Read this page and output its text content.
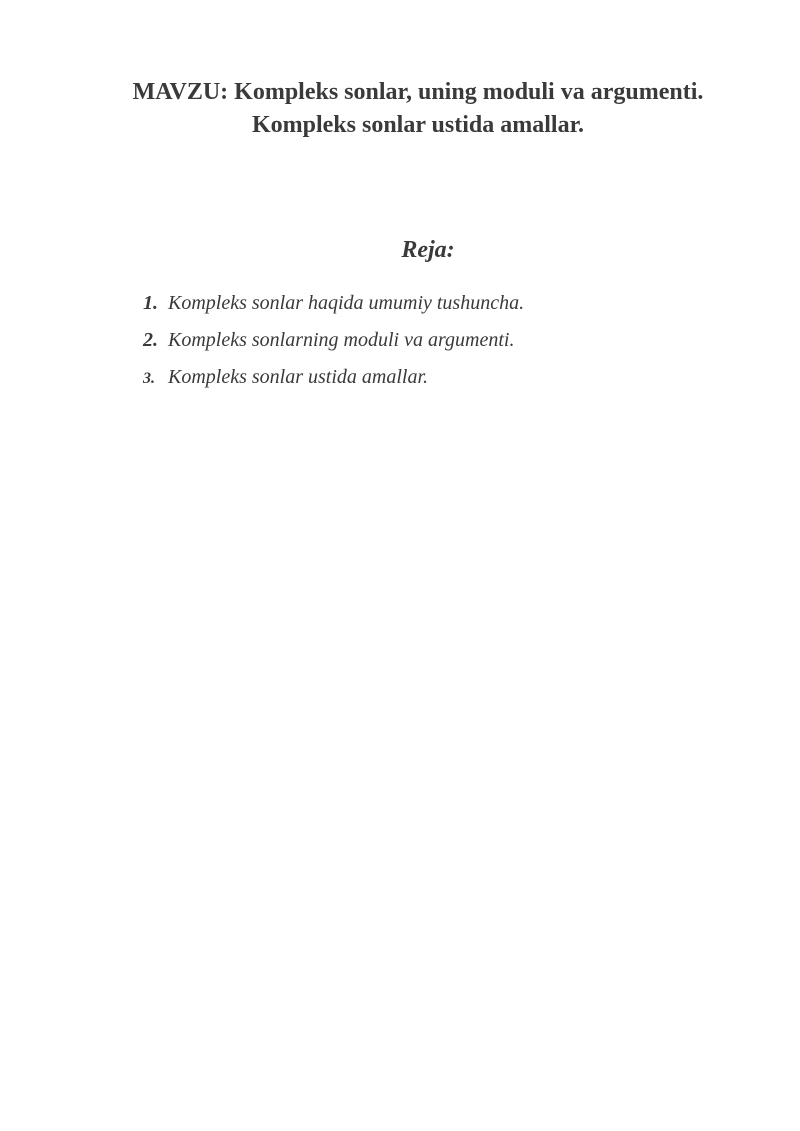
MAVZU: Kompleks sonlar, uning moduli va argumenti.
Kompleks sonlar ustida amallar.
Reja:
1. Kompleks sonlar haqida umumiy tushuncha.
2. Kompleks sonlarning moduli va argumenti.
3. Kompleks sonlar ustida amallar.
